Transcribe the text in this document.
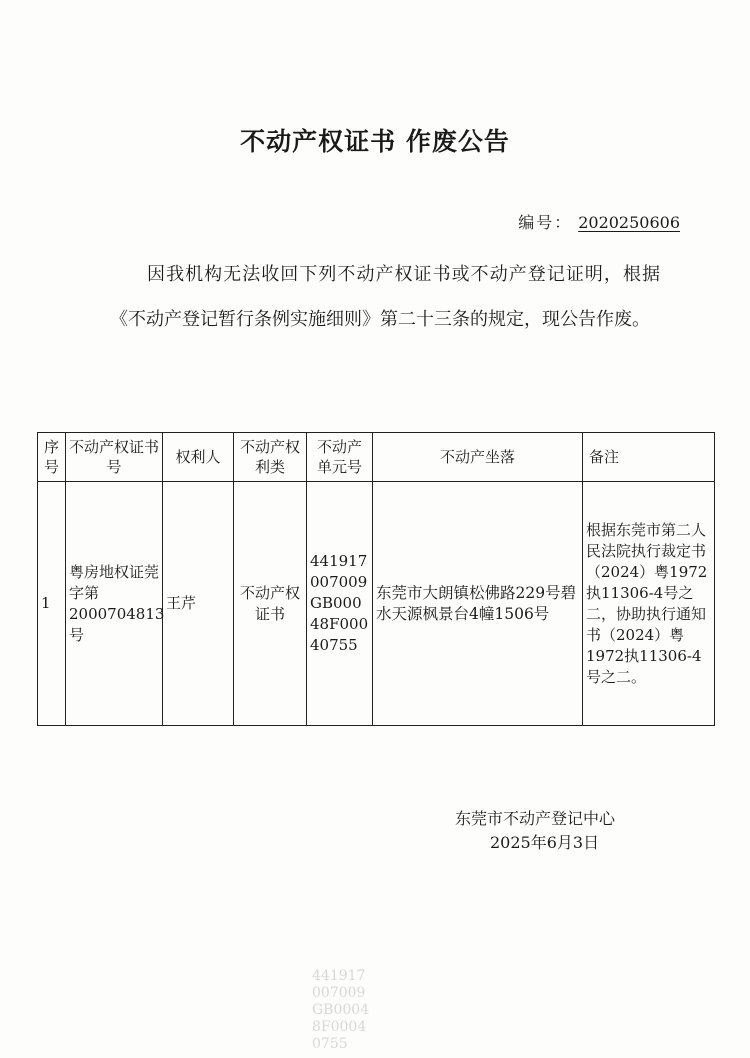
不动产权证书 作废公告
编号： 2020250606
因我机构无法收回下列不动产权证书或不动产登记证明，根据《不动产登记暂行条例实施细则》第二十三条的规定，现公告作废。
序号	不动产权证书号	权利人	不动产权利类	不动产单元号	不动产坐落	备注
1	粤房地权证莞字第2000704813号	王芹	不动产权证书	441917007009GB00048F00040755	东莞市大朗镇松佛路229号碧水天源枫景台4幢1506号	根据东莞市第二人民法院执行裁定书（2024）粤1972执11306-4号之二，协助执行通知书（2024）粤1972执11306-4号之二。
东莞市不动产登记中心
2025年6月3日
441917
007009
GB0004
8F0004
0755
